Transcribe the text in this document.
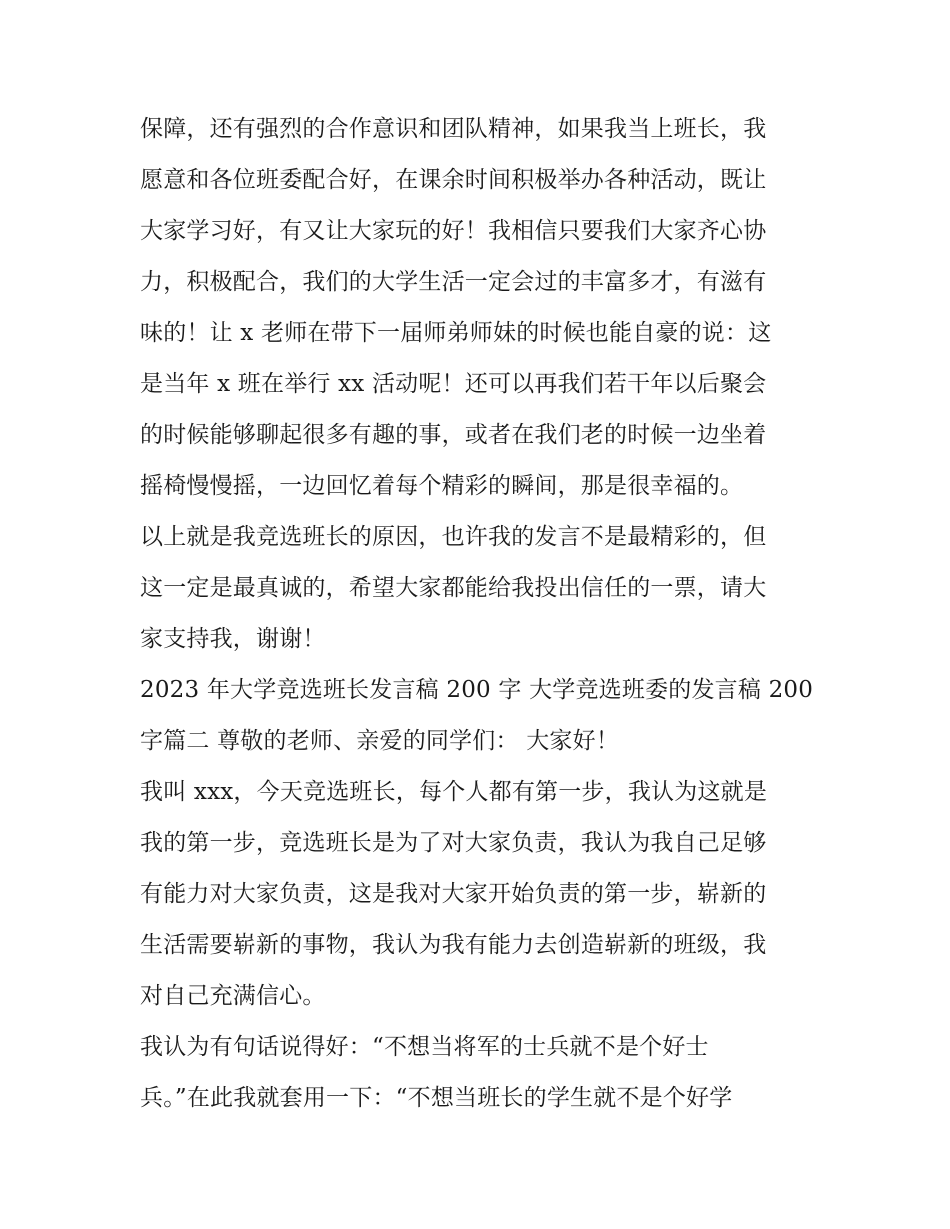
保障，还有强烈的合作意识和团队精神，如果我当上班长，我
愿意和各位班委配合好，在课余时间积极举办各种活动，既让
大家学习好，有又让大家玩的好！我相信只要我们大家齐心协
力，积极配合，我们的大学生活一定会过的丰富多才，有滋有
味的！让 x 老师在带下一届师弟师妹的时候也能自豪的说：这
是当年 x 班在举行 xx 活动呢！还可以再我们若干年以后聚会
的时候能够聊起很多有趣的事，或者在我们老的时候一边坐着
摇椅慢慢摇，一边回忆着每个精彩的瞬间，那是很幸福的。
以上就是我竞选班长的原因，也许我的发言不是最精彩的，但
这一定是最真诚的，希望大家都能给我投出信任的一票，请大
家支持我，谢谢！
2023 年大学竞选班长发言稿 200 字 大学竞选班委的发言稿 200
字篇二 尊敬的老师、亲爱的同学们： 大家好！
我叫 xxx，今天竞选班长，每个人都有第一步，我认为这就是
我的第一步，竞选班长是为了对大家负责，我认为我自己足够
有能力对大家负责，这是我对大家开始负责的第一步，崭新的
生活需要崭新的事物，我认为我有能力去创造崭新的班级，我
对自己充满信心。
我认为有句话说得好：“不想当将军的士兵就不是个好士
兵。”在此我就套用一下：“不想当班长的学生就不是个好学
